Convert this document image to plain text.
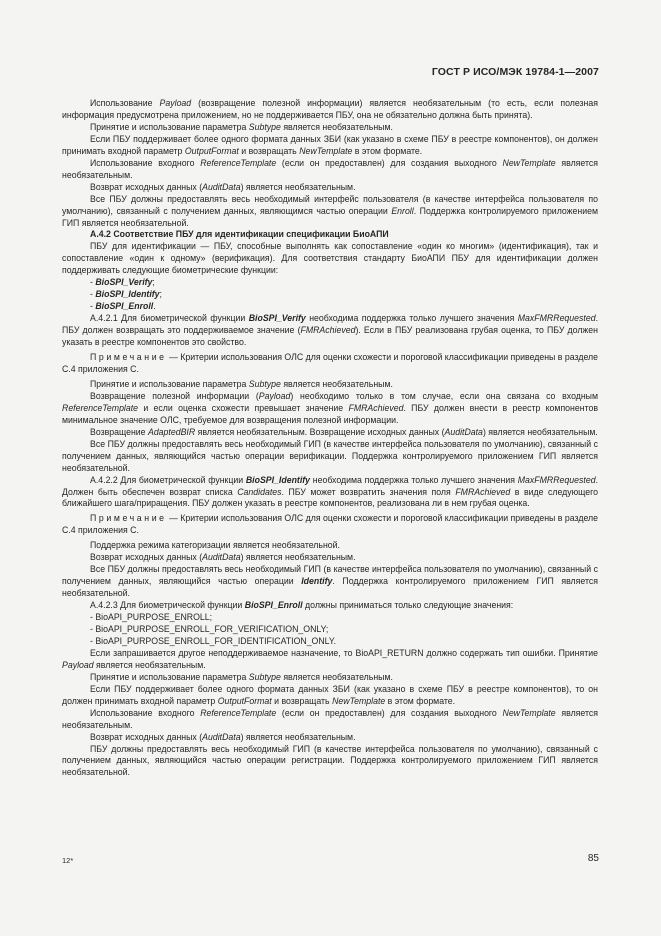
ГОСТ Р ИСО/МЭК 19784-1—2007

Использование Payload (возвращение полезной информации) является необязательным (то есть, если полезная информация предусмотрена приложением, но не поддерживается ПБУ, она не обязательно должна быть принята).

Принятие и использование параметра Subtype является необязательным.

Если ПБУ поддерживает более одного формата данных ЗБИ (как указано в схеме ПБУ в реестре компонентов), он должен принимать входной параметр OutputFormat и возвращать NewTemplate в этом формате.

Использование входного ReferenceTemplate (если он предоставлен) для создания выходного NewTemplate является необязательным.

Возврат исходных данных (AuditData) является необязательным.

Все ПБУ должны предоставлять весь необходимый интерфейс пользователя (в качестве интерфейса пользователя по умолчанию), связанный с получением данных, являющимся частью операции Enroll. Поддержка контролируемого приложением ГИП является необязательной.

А.4.2 Соответствие ПБУ для идентификации спецификации БиоАПИ

ПБУ для идентификации — ПБУ, способные выполнять как сопоставление «один ко многим» (идентификация), так и сопоставление «один к одному» (верификация). Для соответствия стандарту БиоАПИ ПБУ для идентификации должен поддерживать следующие биометрические функции:

- BioSPI_Verify;

- BioSPI_Identify;

- BioSPI_Enroll.

А.4.2.1 Для биометрической функции BioSPI_Verify необходима поддержка только лучшего значения MaxFMRRequested. ПБУ должен возвращать это поддерживаемое значение (FMRAchieved). Если в ПБУ реализована грубая оценка, то ПБУ должен указать в реестре компонентов это свойство.

Примечание — Критерии использования ОЛС для оценки схожести и пороговой классификации приведены в разделе С.4 приложения С.

Принятие и использование параметра Subtype является необязательным.

Возвращение полезной информации (Payload) необходимо только в том случае, если она связана со входным ReferenceTemplate и если оценка схожести превышает значение FMRAchieved. ПБУ должен внести в реестр компонентов минимальное значение ОЛС, требуемое для возвращения полезной информации.

Возвращение AdaptedBIR является необязательным. Возвращение исходных данных (AuditData) является необязательным.

Все ПБУ должны предоставлять весь необходимый ГИП (в качестве интерфейса пользователя по умолчанию), связанный с получением данных, являющийся частью операции верификации. Поддержка контролируемого приложением ГИП является необязательной.

А.4.2.2 Для биометрической функции BioSPI_Identify необходима поддержка только лучшего значения MaxFMRRequested. Должен быть обеспечен возврат списка Candidates. ПБУ может возвратить значения поля FMRAchieved в виде следующего ближайшего шага/приращения. ПБУ должен указать в реестре компонентов, реализована ли в нем грубая оценка.

Примечание — Критерии использования ОЛС для оценки схожести и пороговой классификации приведены в разделе С.4 приложения С.

Поддержка режима категоризации является необязательной.

Возврат исходных данных (AuditData) является необязательным.

Все ПБУ должны предоставлять весь необходимый ГИП (в качестве интерфейса пользователя по умолчанию), связанный с получением данных, являющийся частью операции Identify. Поддержка контролируемого приложением ГИП является необязательной.

А.4.2.3 Для биометрической функции BioSPI_Enroll должны приниматься только следующие значения:

- BioAPI_PURPOSE_ENROLL;

- BioAPI_PURPOSE_ENROLL_FOR_VERIFICATION_ONLY;

- BioAPI_PURPOSE_ENROLL_FOR_IDENTIFICATION_ONLY.

Если запрашивается другое неподдерживаемое назначение, то BioAPI_RETURN должно содержать тип ошибки. Принятие Payload является необязательным.

Принятие и использование параметра Subtype является необязательным.

Если ПБУ поддерживает более одного формата данных ЗБИ (как указано в схеме ПБУ в реестре компонентов), то он должен принимать входной параметр OutputFormat и возвращать NewTemplate в этом формате.

Использование входного ReferenceTemplate (если он предоставлен) для создания выходного NewTemplate является необязательным.

Возврат исходных данных (AuditData) является необязательным.

ПБУ должны предоставлять весь необходимый ГИП (в качестве интерфейса пользователя по умолчанию), связанный с получением данных, являющийся частью операции регистрации. Поддержка контролируемого приложением ГИП является необязательной.

12*	85
